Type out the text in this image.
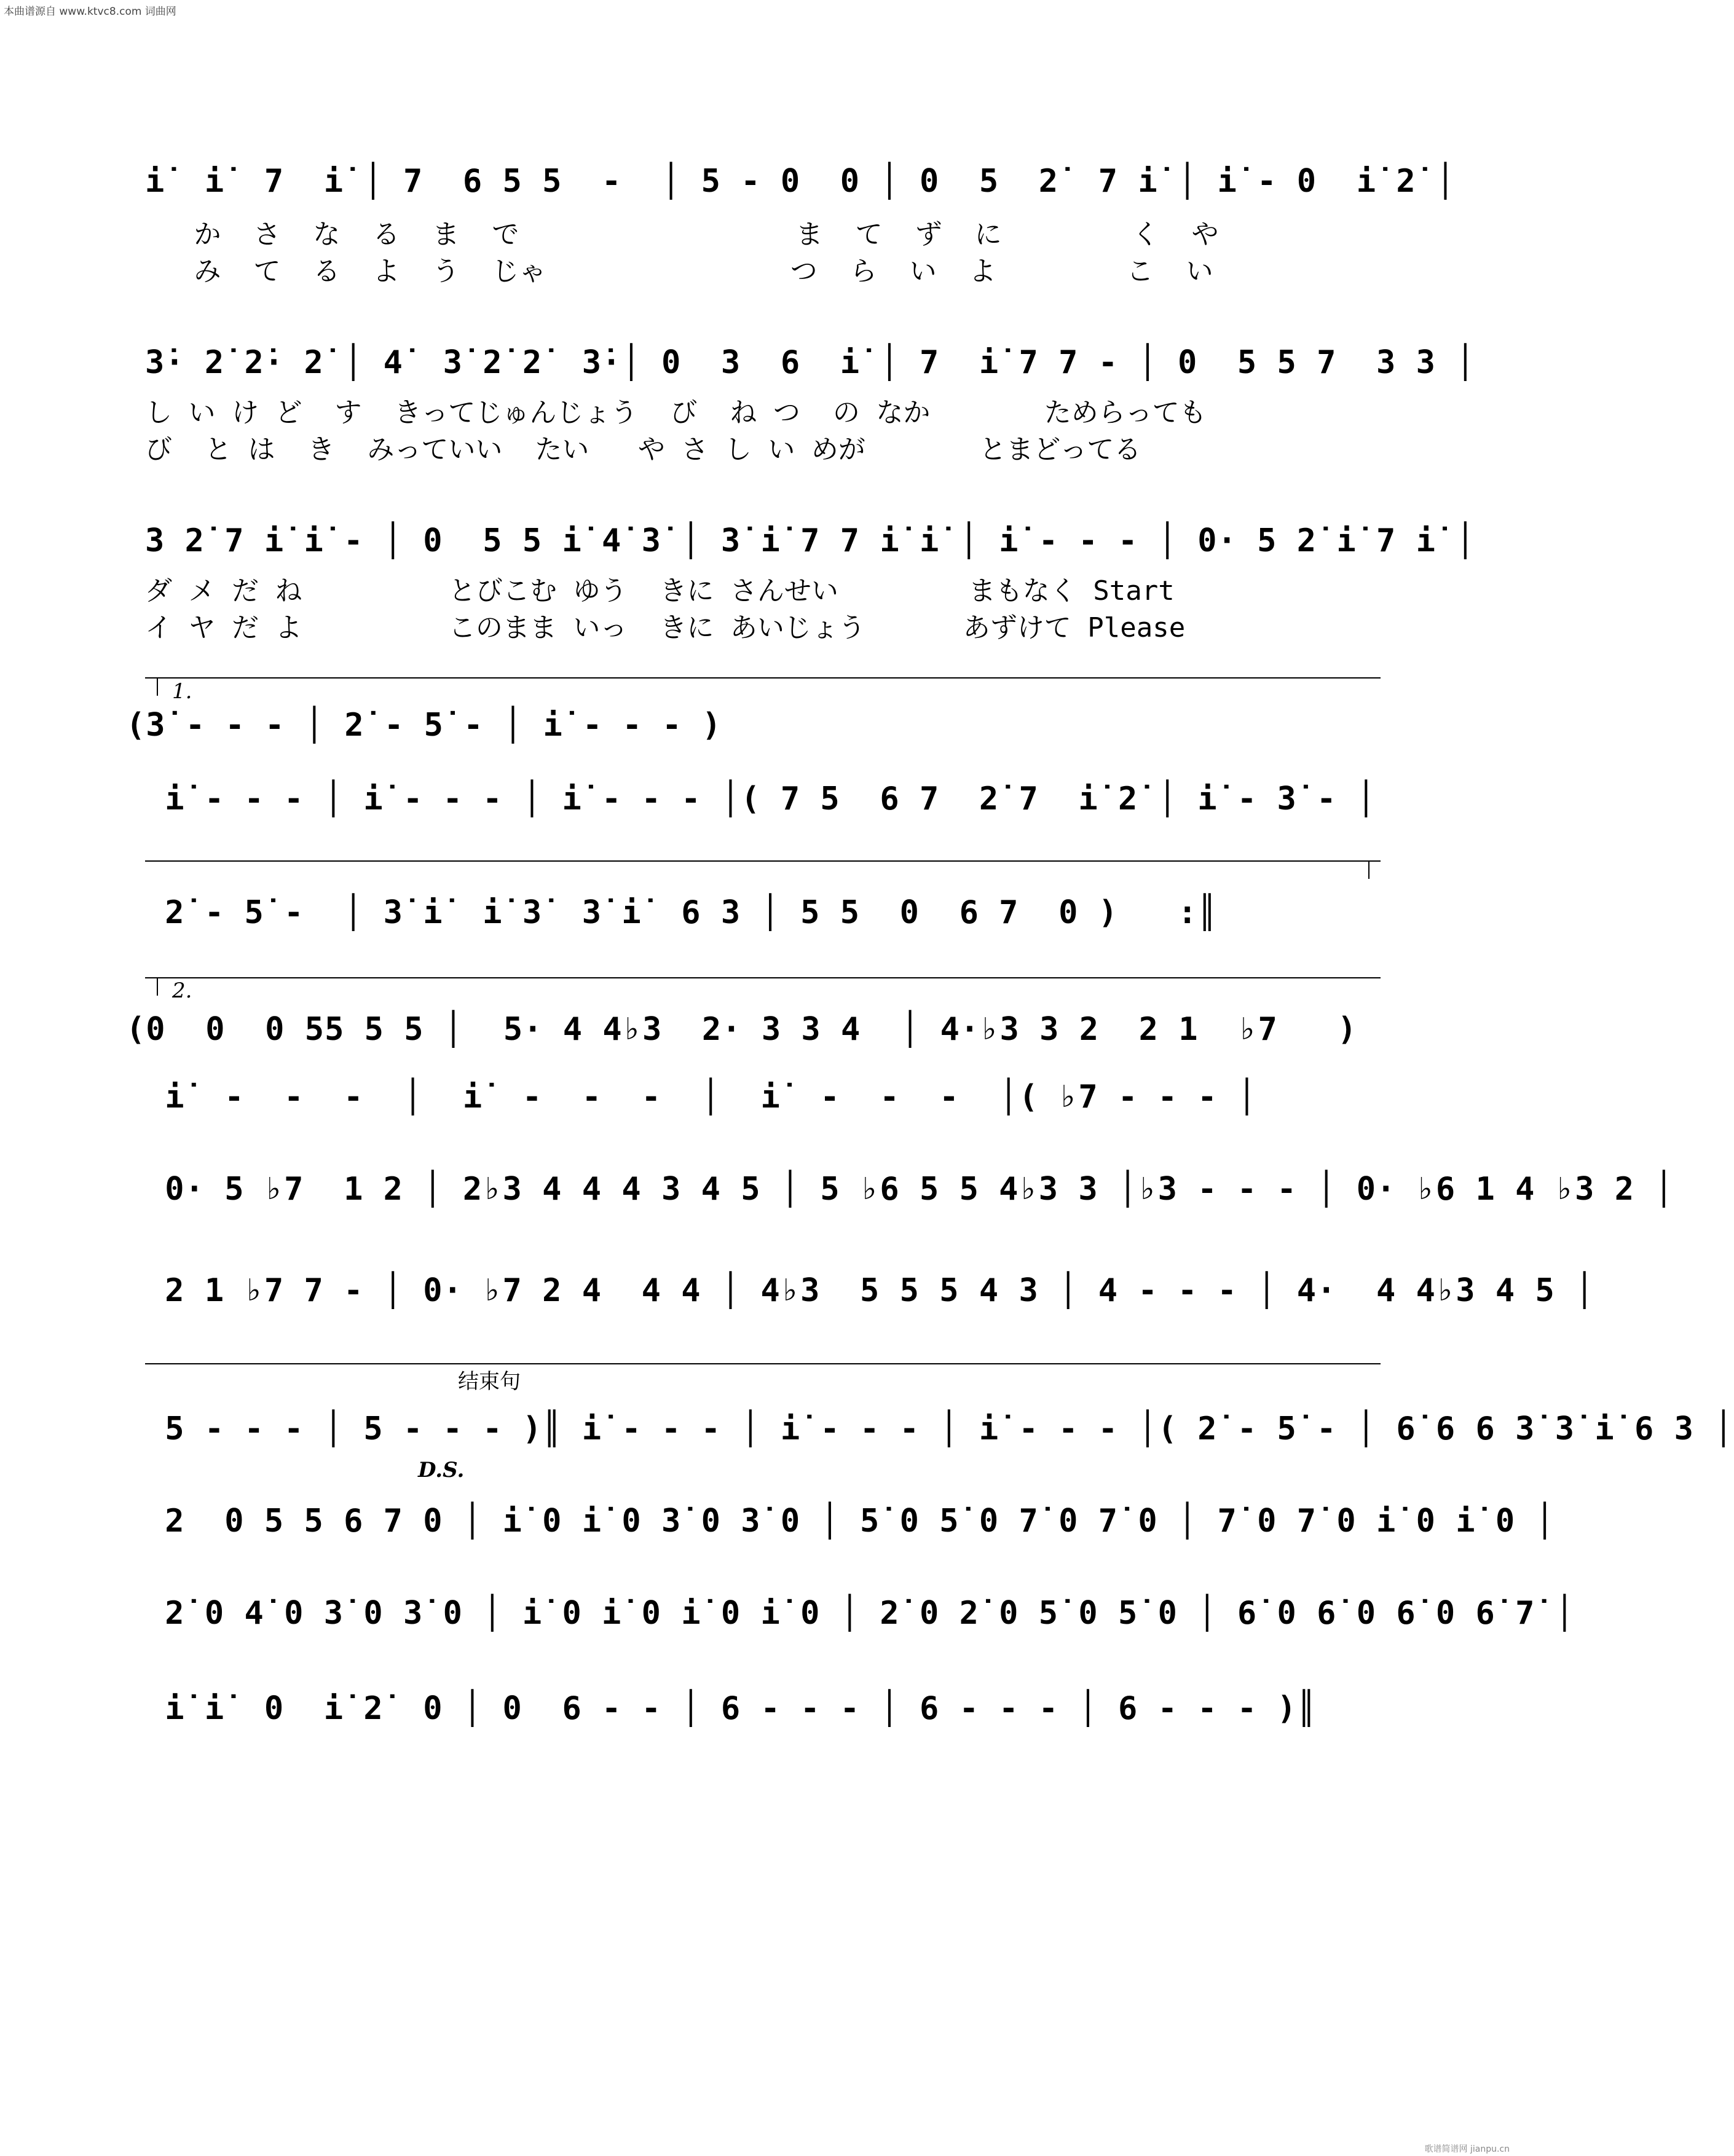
本曲谱源自 www.ktvc8.com 词曲网
歌谱简谱网 jianpu.cn
i̇  i̇  7  i̇ │ 7  6 5 5  -  │ 5 - 0  0 │ 0  5  2̇  7 i̇ │ i̇ - 0  i̇ 2̇ │
か  さ  な  る  ま  で                 ま  て  ず  に        く  や
み  て  る  よ  う  じゃ               つ  ら  い  よ        こ  い
3̇· 2̇ 2̇· 2̇ │ 4̇  3̇ 2̇ 2̇  3̇·│ 0  3  6  i̇ │ 7  i̇ 7 7 - │ 0  5 5 7  3 3 │
し い け ど  す  きってじゅんじょう  び  ね つ  の なか       ためらっても
び  と は  き  みっていい  たい   や さ し い めが       とまどってる
3 2̇ 7 i̇ i̇ - │ 0  5 5 i̇ 4̇ 3̇ │ 3̇ i̇ 7 7 i̇ i̇ │ i̇ - - - │ 0· 5 2̇ i̇ 7 i̇ │
ダ メ だ ね         とびこむ ゆう  きに さんせい        まもなく Start
イ ヤ だ よ         このまま いっ  きに あいじょう      あずけて Please
1.
(3̇ - - - │ 2̇ - 5̇ - │ i̇ - - - )
i̇ - - - │ i̇ - - - │ i̇ - - - │( 7 5  6 7  2̇ 7  i̇ 2̇ │ i̇ - 3̇ - │
2̇ - 5̇ -  │ 3̇ i̇  i̇ 3̇  3̇ i̇  6 3 │ 5 5  0  6 7  0 )   :║
2.
(0  0  0 55 5 5 │  5· 4 4♭3  2· 3 3 4  │ 4·♭3 3 2  2 1  ♭7   )
i̇  -  -  -  │  i̇  -  -  -  │  i̇  -  -  -  │( ♭7 - - - │
0· 5 ♭7  1 2 │ 2♭3 4 4 4 3 4 5 │ 5 ♭6 5 5 4♭3 3 │♭3 - - - │ 0· ♭6 1 4 ♭3 2 │
2 1 ♭7 7 - │ 0· ♭7 2 4  4 4 │ 4♭3  5 5 5 4 3 │ 4 - - - │ 4·  4 4♭3 4 5 │
结束句
5 - - - │ 5 - - - )║ i̇ - - - │ i̇ - - - │ i̇ - - - │( 2̇ - 5̇ - │ 6̇ 6 6 3̇ 3̇ i̇ 6 3 │
D.S.
2  0 5 5 6 7 0 │ i̇ 0 i̇ 0 3̇ 0 3̇ 0 │ 5̇ 0 5̇ 0 7̇ 0 7̇ 0 │ 7̇ 0 7̇ 0 i̇ 0 i̇ 0 │
2̇ 0 4̇ 0 3̇ 0 3̇ 0 │ i̇ 0 i̇ 0 i̇ 0 i̇ 0 │ 2̇ 0 2̇ 0 5̇ 0 5̇ 0 │ 6̇ 0 6̇ 0 6̇ 0 6̇ 7̇ │
i̇ i̇  0  i̇ 2̇  0 │ 0  6 - - │ 6 - - - │ 6 - - - │ 6 - - - )║
